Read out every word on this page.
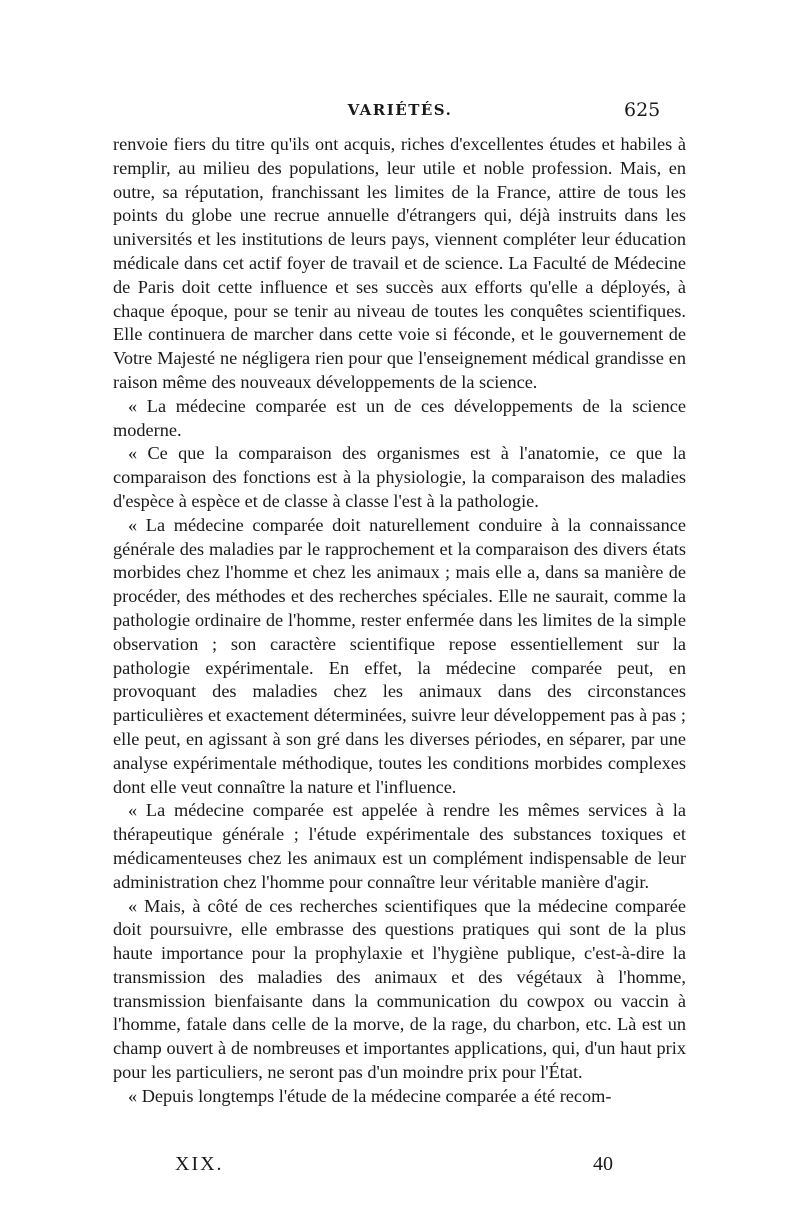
VARIÉTÉS.	625

renvoie fiers du titre qu'ils ont acquis, riches d'excellentes études et habiles à remplir, au milieu des populations, leur utile et noble profession. Mais, en outre, sa réputation, franchissant les limites de la France, attire de tous les points du globe une recrue annuelle d'étrangers qui, déjà instruits dans les universités et les institutions de leurs pays, viennent compléter leur éducation médicale dans cet actif foyer de travail et de science. La Faculté de Médecine de Paris doit cette influence et ses succès aux efforts qu'elle a déployés, à chaque époque, pour se tenir au niveau de toutes les conquêtes scientifiques. Elle continuera de marcher dans cette voie si féconde, et le gouvernement de Votre Majesté ne négligera rien pour que l'enseignement médical grandisse en raison même des nouveaux développements de la science.

« La médecine comparée est un de ces développements de la science moderne.

« Ce que la comparaison des organismes est à l'anatomie, ce que la comparaison des fonctions est à la physiologie, la comparaison des maladies d'espèce à espèce et de classe à classe l'est à la pathologie.

« La médecine comparée doit naturellement conduire à la connaissance générale des maladies par le rapprochement et la comparaison des divers états morbides chez l'homme et chez les animaux ; mais elle a, dans sa manière de procéder, des méthodes et des recherches spéciales. Elle ne saurait, comme la pathologie ordinaire de l'homme, rester enfermée dans les limites de la simple observation ; son caractère scientifique repose essentiellement sur la pathologie expérimentale. En effet, la médecine comparée peut, en provoquant des maladies chez les animaux dans des circonstances particulières et exactement déterminées, suivre leur développement pas à pas ; elle peut, en agissant à son gré dans les diverses périodes, en séparer, par une analyse expérimentale méthodique, toutes les conditions morbides complexes dont elle veut connaître la nature et l'influence.

« La médecine comparée est appelée à rendre les mêmes services à la thérapeutique générale ; l'étude expérimentale des substances toxiques et médicamenteuses chez les animaux est un complément indispensable de leur administration chez l'homme pour connaître leur véritable manière d'agir.

« Mais, à côté de ces recherches scientifiques que la médecine comparée doit poursuivre, elle embrasse des questions pratiques qui sont de la plus haute importance pour la prophylaxie et l'hygiène publique, c'est-à-dire la transmission des maladies des animaux et des végétaux à l'homme, transmission bienfaisante dans la communication du cowpox ou vaccin à l'homme, fatale dans celle de la morve, de la rage, du charbon, etc. Là est un champ ouvert à de nombreuses et importantes applications, qui, d'un haut prix pour les particuliers, ne seront pas d'un moindre prix pour l'État.

« Depuis longtemps l'étude de la médecine comparée a été recom-

XIX.	40
